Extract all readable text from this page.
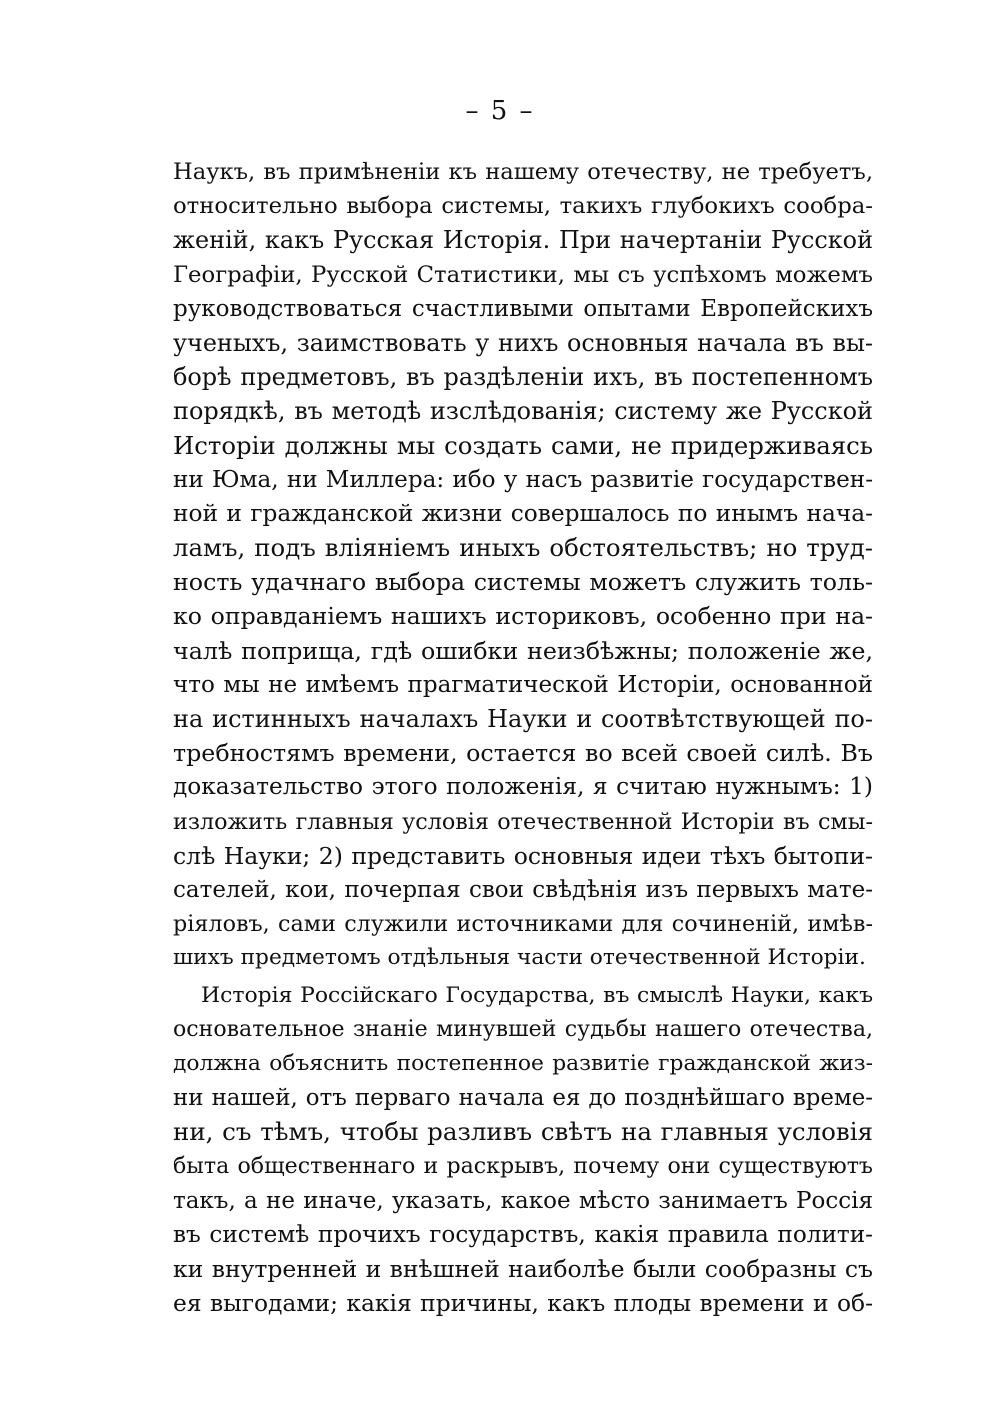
– 5 –
Наукъ, въ примѣненіи къ нашему отечеству, не требуетъ,
относительно выбора системы, такихъ глубокихъ сообра-
женій, какъ Русская Исторія. При начертаніи Русской
Географіи, Русской Статистики, мы съ успѣхомъ можемъ
руководствоваться счастливыми опытами Европейскихъ
ученыхъ, заимствовать у нихъ основныя начала въ вы-
борѣ предметовъ, въ раздѣленіи ихъ, въ постепенномъ
порядкѣ, въ методѣ изслѣдованія; систему же Русской
Исторіи должны мы создать сами, не придерживаясь
ни Юма, ни Миллера: ибо у насъ развитіе государствен-
ной и гражданской жизни совершалось по инымъ нача-
ламъ, подъ вліяніемъ иныхъ обстоятельствъ; но труд-
ность удачнаго выбора системы можетъ служить толь-
ко оправданіемъ нашихъ историковъ, особенно при на-
чалѣ поприща, гдѣ ошибки неизбѣжны; положеніе же,
что мы не имѣемъ прагматической Исторіи, основанной
на истинныхъ началахъ Науки и соотвѣтствующей по-
требностямъ времени, остается во всей своей силѣ. Въ
доказательство этого положенія, я считаю нужнымъ: 1)
изложить главныя условія отечественной Исторіи въ смы-
слѣ Науки; 2) представить основныя идеи тѣхъ бытопи-
сателей, кои, почерпая свои свѣдѣнія изъ первыхъ мате-
ріяловъ, сами служили источниками для сочиненій, имѣв-
шихъ предметомъ отдѣльныя части отечественной Исторіи.
Исторія Россійскаго Государства, въ смыслѣ Науки, какъ
основательное знаніе минувшей судьбы нашего отечества,
должна объяснить постепенное развитіе гражданской жиз-
ни нашей, отъ перваго начала ея до позднѣйшаго време-
ни, съ тѣмъ, чтобы разливъ свѣтъ на главныя условія
быта общественнаго и раскрывъ, почему они существуютъ
такъ, а не иначе, указать, какое мѣсто занимаетъ Россія
въ системѣ прочихъ государствъ, какія правила полити-
ки внутренней и внѣшней наиболѣе были сообразны съ
ея выгодами; какія причины, какъ плоды времени и об-
